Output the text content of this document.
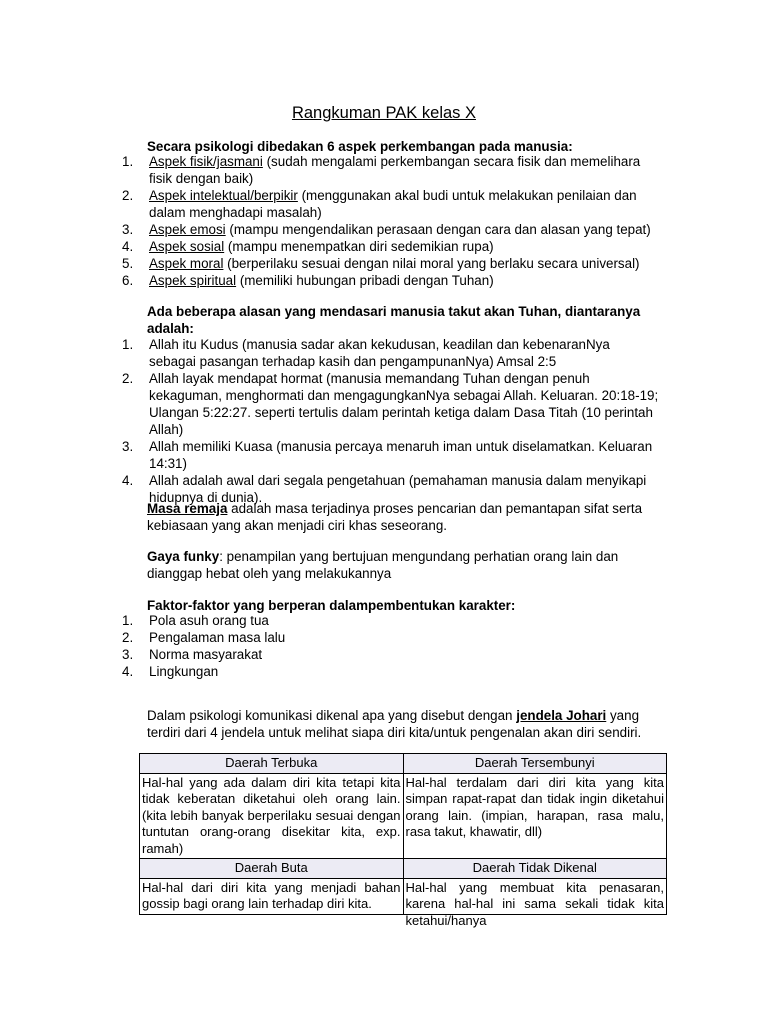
Rangkuman PAK kelas X
Secara psikologi dibedakan 6 aspek perkembangan pada manusia:
1. Aspek fisik/jasmani (sudah mengalami perkembangan secara fisik dan memelihara fisik dengan baik)
2. Aspek intelektual/berpikir (menggunakan akal budi untuk melakukan penilaian dan dalam menghadapi masalah)
3. Aspek emosi (mampu mengendalikan perasaan dengan cara dan alasan yang tepat)
4. Aspek sosial (mampu menempatkan diri sedemikian rupa)
5. Aspek moral (berperilaku sesuai dengan nilai moral yang berlaku secara universal)
6. Aspek spiritual (memiliki hubungan pribadi dengan Tuhan)
Ada beberapa alasan yang mendasari manusia takut akan Tuhan, diantaranya adalah:
1. Allah itu Kudus (manusia sadar akan kekudusan, keadilan dan kebenaranNya sebagai pasangan terhadap kasih dan pengampunanNya) Amsal 2:5
2. Allah layak mendapat hormat (manusia memandang Tuhan dengan penuh kekaguman, menghormati dan mengagungkanNya sebagai Allah. Keluaran. 20:18-19; Ulangan 5:22:27. seperti tertulis dalam perintah ketiga dalam Dasa Titah (10 perintah Allah)
3. Allah memiliki Kuasa (manusia percaya menaruh iman untuk diselamatkan. Keluaran 14:31)
4. Allah adalah awal dari segala pengetahuan (pemahaman manusia dalam menyikapi hidupnya di dunia).
Masa remaja adalah masa terjadinya proses pencarian dan pemantapan sifat serta kebiasaan yang akan menjadi ciri khas seseorang.
Gaya funky: penampilan yang bertujuan mengundang perhatian orang lain dan dianggap hebat oleh yang melakukannya
Faktor-faktor yang berperan dalampembentukan karakter:
1. Pola asuh orang tua
2. Pengalaman masa lalu
3. Norma masyarakat
4. Lingkungan
Dalam psikologi komunikasi dikenal apa yang disebut dengan jendela Johari yang terdiri dari 4 jendela untuk melihat siapa diri kita/untuk pengenalan akan diri sendiri.
Daerah Terbuka	Daerah Tersembunyi
Hal-hal yang ada dalam diri kita tetapi kita tidak keberatan diketahui oleh orang lain. (kita lebih banyak berperilaku sesuai dengan tuntutan orang-orang disekitar kita, exp. ramah)	Hal-hal terdalam dari diri kita yang kita simpan rapat-rapat dan tidak ingin diketahui orang lain. (impian, harapan, rasa malu, rasa takut, khawatir, dll)
Daerah Buta	Daerah Tidak Dikenal

Hal-hal dari diri kita yang menjadi bahan gossip bagi orang lain terhadap diri kita.	Hal-hal yang membuat kita penasaran, karena hal-hal ini sama sekali tidak kita ketahui/hanya
